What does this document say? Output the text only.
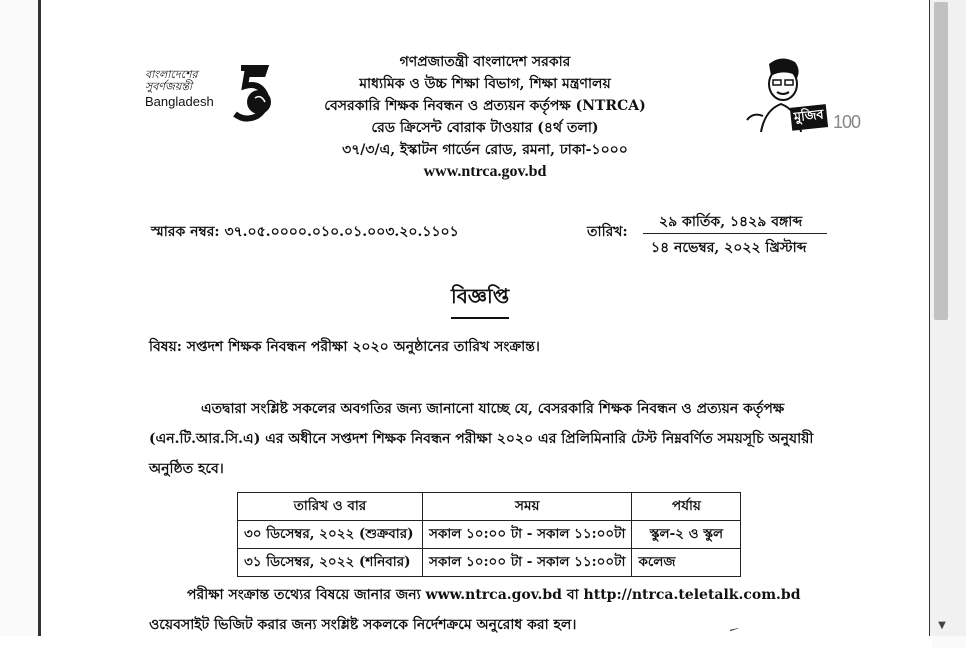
বাংলাদেশের
সুবর্ণজয়ন্তী
Bangladesh
মুজিব 100
গণপ্রজাতন্ত্রী বাংলাদেশ সরকার
মাধ্যমিক ও উচ্চ শিক্ষা বিভাগ, শিক্ষা মন্ত্রণালয়
বেসরকারি শিক্ষক নিবন্ধন ও প্রত্যয়ন কর্তৃপক্ষ (NTRCA)
রেড ক্রিসেন্ট বোরাক টাওয়ার (৪র্থ তলা)
৩৭/৩/এ, ইস্কাটন গার্ডেন রোড, রমনা, ঢাকা-১০০০
www.ntrca.gov.bd
স্মারক নম্বর: ৩৭.০৫.০০০০.০১০.০১.০০৩.২০.১১০১	তারিখ:
২৯ কার্তিক, ১৪২৯ বঙ্গাব্দ
১৪ নভেম্বর, ২০২২ খ্রিস্টাব্দ
বিজ্ঞপ্তি
বিষয়: সপ্তদশ শিক্ষক নিবন্ধন পরীক্ষা ২০২০ অনুষ্ঠানের তারিখ সংক্রান্ত।
এতদ্বারা সংশ্লিষ্ট সকলের অবগতির জন্য জানানো যাচ্ছে যে, বেসরকারি শিক্ষক নিবন্ধন ও প্রত্যয়ন কর্তৃপক্ষ
(এন.টি.আর.সি.এ) এর অধীনে সপ্তদশ শিক্ষক নিবন্ধন পরীক্ষা ২০২০ এর প্রিলিমিনারি টেস্ট নিম্নবর্ণিত সময়সূচি অনুযায়ী
অনুষ্ঠিত হবে।
তারিখ ও বার	সময়	পর্যায়
৩০ ডিসেম্বর, ২০২২ (শুক্রবার)	সকাল ১০:০০ টা - সকাল ১১:০০টা	স্কুল-২ ও স্কুল
৩১ ডিসেম্বর, ২০২২ (শনিবার)	সকাল ১০:০০ টা - সকাল ১১:০০টা	কলেজ
পরীক্ষা সংক্রান্ত তথ্যের বিষয়ে জানার জন্য www.ntrca.gov.bd বা http://ntrca.teletalk.com.bd
ওয়েবসাইট ভিজিট করার জন্য সংশ্লিষ্ট সকলকে নির্দেশক্রমে অনুরোধ করা হল।	㇀	▼
